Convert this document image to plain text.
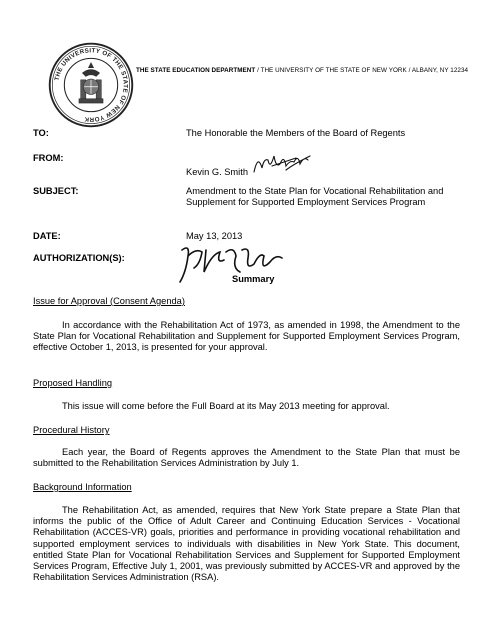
THE UNIVERSITY OF THE STATE OF NEW YORK
THE STATE EDUCATION DEPARTMENT / THE UNIVERSITY OF THE STATE OF NEW YORK / ALBANY, NY 12234
TO:	The Honorable the Members of the Board of Regents
FROM:
Kevin G. Smith
SUBJECT:	Amendment to the State Plan for Vocational Rehabilitation and Supplement for Supported Employment Services Program
DATE:	May 13, 2013
AUTHORIZATION(S):
Summary
Issue for Approval (Consent Agenda)
In accordance with the Rehabilitation Act of 1973, as amended in 1998, the Amendment to the State Plan for Vocational Rehabilitation and Supplement for Supported Employment Services Program, effective October 1, 2013, is presented for your approval.
Proposed Handling
This issue will come before the Full Board at its May 2013 meeting for approval.
Procedural History
Each year, the Board of Regents approves the Amendment to the State Plan that must be submitted to the Rehabilitation Services Administration by July 1.
Background Information
The Rehabilitation Act, as amended, requires that New York State prepare a State Plan that informs the public of the Office of Adult Career and Continuing Education Services - Vocational Rehabilitation (ACCES-VR) goals, priorities and performance in providing vocational rehabilitation and supported employment services to individuals with disabilities in New York State. This document, entitled State Plan for Vocational Rehabilitation Services and Supplement for Supported Employment Services Program, Effective July 1, 2001, was previously submitted by ACCES-VR and approved by the Rehabilitation Services Administration (RSA).
